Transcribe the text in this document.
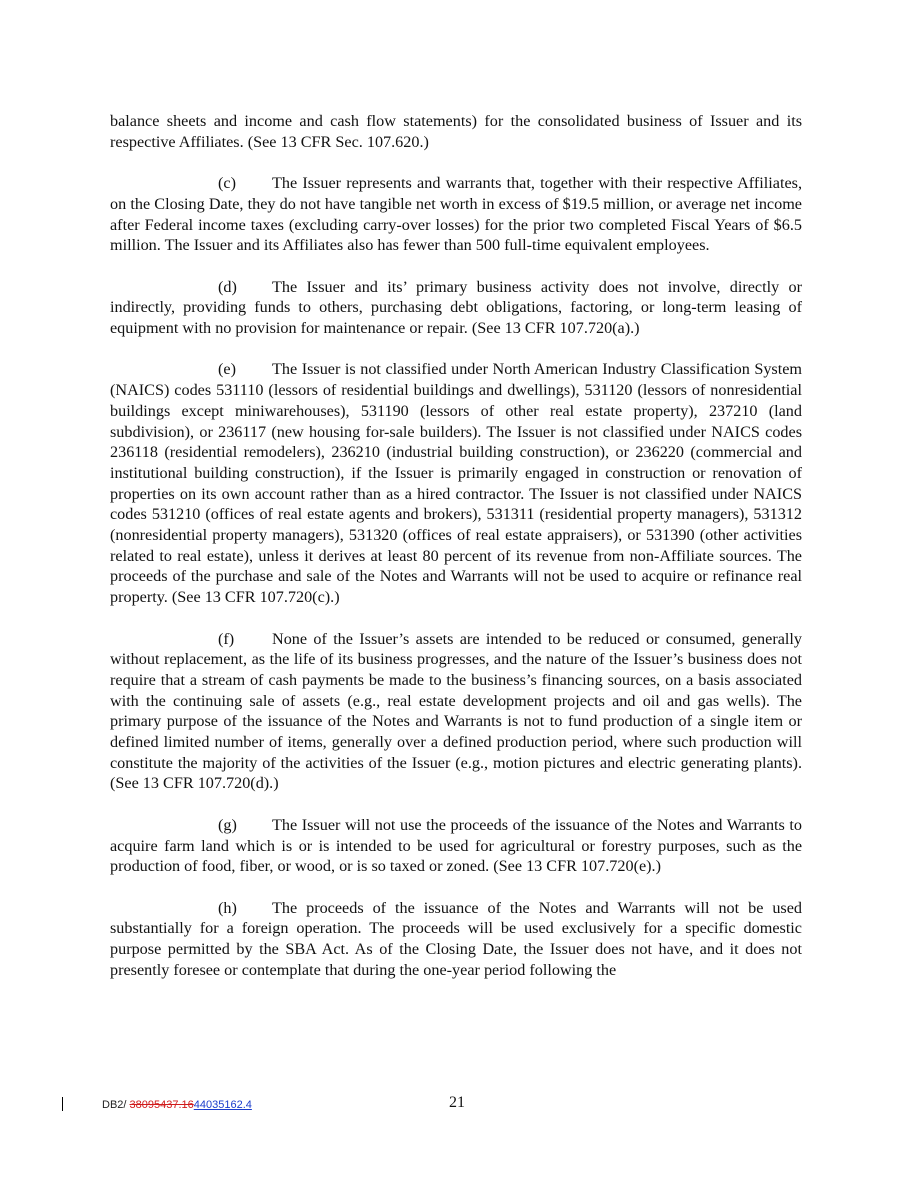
balance sheets and income and cash flow statements) for the consolidated business of Issuer and its respective Affiliates. (See 13 CFR Sec. 107.620.)

(c) The Issuer represents and warrants that, together with their respective Affiliates, on the Closing Date, they do not have tangible net worth in excess of $19.5 million, or average net income after Federal income taxes (excluding carry-over losses) for the prior two completed Fiscal Years of $6.5 million. The Issuer and its Affiliates also has fewer than 500 full-time equivalent employees.

(d) The Issuer and its’ primary business activity does not involve, directly or indirectly, providing funds to others, purchasing debt obligations, factoring, or long-term leasing of equipment with no provision for maintenance or repair. (See 13 CFR 107.720(a).)

(e) The Issuer is not classified under North American Industry Classification System (NAICS) codes 531110 (lessors of residential buildings and dwellings), 531120 (lessors of nonresidential buildings except miniwarehouses), 531190 (lessors of other real estate property), 237210 (land subdivision), or 236117 (new housing for-sale builders). The Issuer is not classified under NAICS codes 236118 (residential remodelers), 236210 (industrial building construction), or 236220 (commercial and institutional building construction), if the Issuer is primarily engaged in construction or renovation of properties on its own account rather than as a hired contractor. The Issuer is not classified under NAICS codes 531210 (offices of real estate agents and brokers), 531311 (residential property managers), 531312 (nonresidential property managers), 531320 (offices of real estate appraisers), or 531390 (other activities related to real estate), unless it derives at least 80 percent of its revenue from non-Affiliate sources. The proceeds of the purchase and sale of the Notes and Warrants will not be used to acquire or refinance real property. (See 13 CFR 107.720(c).)

(f) None of the Issuer’s assets are intended to be reduced or consumed, generally without replacement, as the life of its business progresses, and the nature of the Issuer’s business does not require that a stream of cash payments be made to the business’s financing sources, on a basis associated with the continuing sale of assets (e.g., real estate development projects and oil and gas wells). The primary purpose of the issuance of the Notes and Warrants is not to fund production of a single item or defined limited number of items, generally over a defined production period, where such production will constitute the majority of the activities of the Issuer (e.g., motion pictures and electric generating plants). (See 13 CFR 107.720(d).)

(g) The Issuer will not use the proceeds of the issuance of the Notes and Warrants to acquire farm land which is or is intended to be used for agricultural or forestry purposes, such as the production of food, fiber, or wood, or is so taxed or zoned. (See 13 CFR 107.720(e).)

(h) The proceeds of the issuance of the Notes and Warrants will not be used substantially for a foreign operation. The proceeds will be used exclusively for a specific domestic purpose permitted by the SBA Act. As of the Closing Date, the Issuer does not have, and it does not presently foresee or contemplate that during the one-year period following the

DB2/ 38095437.1644035162.4	21
